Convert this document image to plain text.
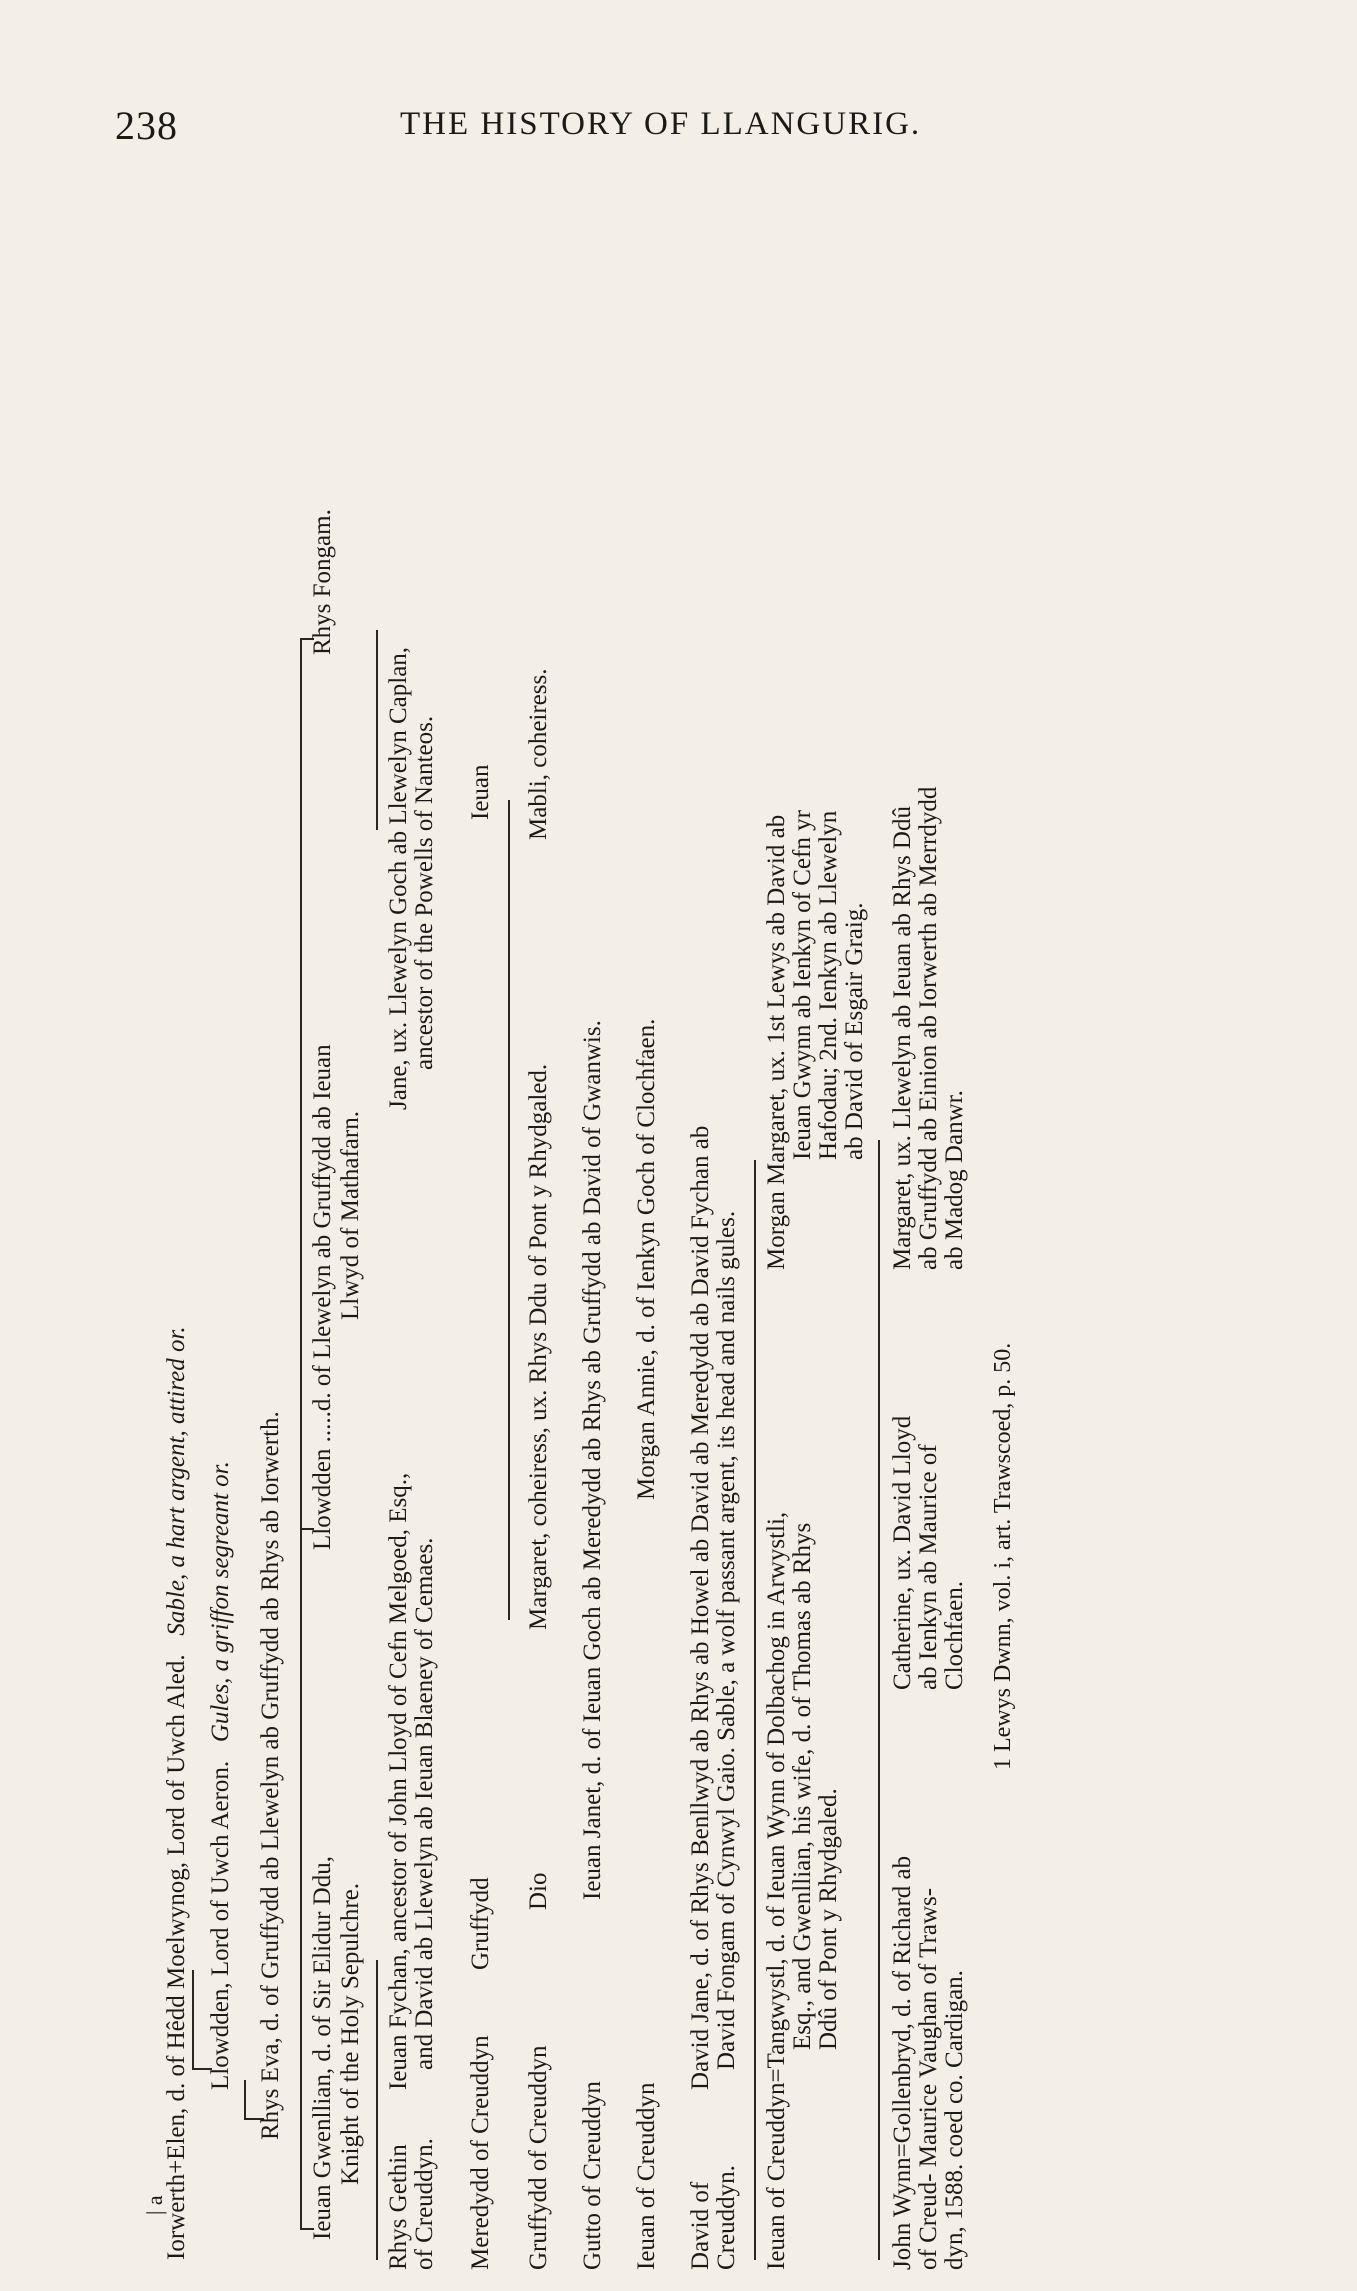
238	THE HISTORY OF LLANGURIG.
| a
Iorwerth+Elen, d. of Hêdd Moelwynog, Lord of Uwch Aled.   Sable, a hart argent, attired or.
Llowdden, Lord of Uwch Aeron.   Gules, a griffon segreant or. Rhys Eva, d. of Gruffydd ab Llewelyn ab Gruffydd ab Rhys ab Iorwerth. Ieuan Gwenllian, d. of Sir Elidur Ddu, Knight of the Holy Sepulchre.
Llowdden .....d. of Llewelyn ab Gruffydd ab Ieuan Llwyd of Mathafarn.
Rhys Fongam.
Rhys Gethin of Creuddyn.
Ieuan Fychan, ancestor of John Lloyd of Cefn Melgoed, Esq., and David ab Llewelyn ab Ieuan Blaeney of Cemaes.
Jane, ux. Llewelyn Goch ab Llewelyn Caplan, ancestor of the Powells of Nanteos.
Meredydd of Creuddyn
Gruffydd
Ieuan
Gruffydd of Creuddyn
Dio
Margaret, coheiress, ux. Rhys Ddu of Pont y Rhydgaled.
Mabli, coheiress.
Gutto of Creuddyn
Ieuan Janet, d. of Ieuan Goch ab Meredydd ab Rhys ab Gruffydd ab David of Gwanwis.
Ieuan of Creuddyn
Morgan Annie, d. of Ienkyn Goch of Clochfaen.
David of Creuddyn.
David Jane, d. of Rhys Benllwyd ab Rhys ab Howel ab David ab Meredydd ab David Fychan ab David Fongam of Cynwyl Gaio. Sable, a wolf passant argent, its head and nails gules. Ieuan of Creuddyn=Tangwystl, d. of Ieuan Wynn of Dolbachog in Arwystli, Esq., and Gwenllian, his wife, d. of Thomas ab Rhys Ddû of Pont y Rhydgaled.
Morgan Margaret, ux. 1st Lewys ab David ab Ieuan Gwynn ab Ienkyn of Cefn yr Hafodau; 2nd. Ienkyn ab Llewelyn ab David of Esgair Graig.
John Wynn=Gollenbryd, d. of Richard ab of Creud- Maurice Vaughan of Traws- dyn, 1588. coed co. Cardigan.
Catherine, ux. David Lloyd ab Ienkyn ab Maurice of Clochfaen.
Margaret, ux. Llewelyn ab Ieuan ab Rhys Ddû ab Gruffydd ab Einion ab Iorwerth ab Merrdydd ab Madog Danwr.
1 Lewys Dwnn, vol. i, art. Trawscoed, p. 50.
